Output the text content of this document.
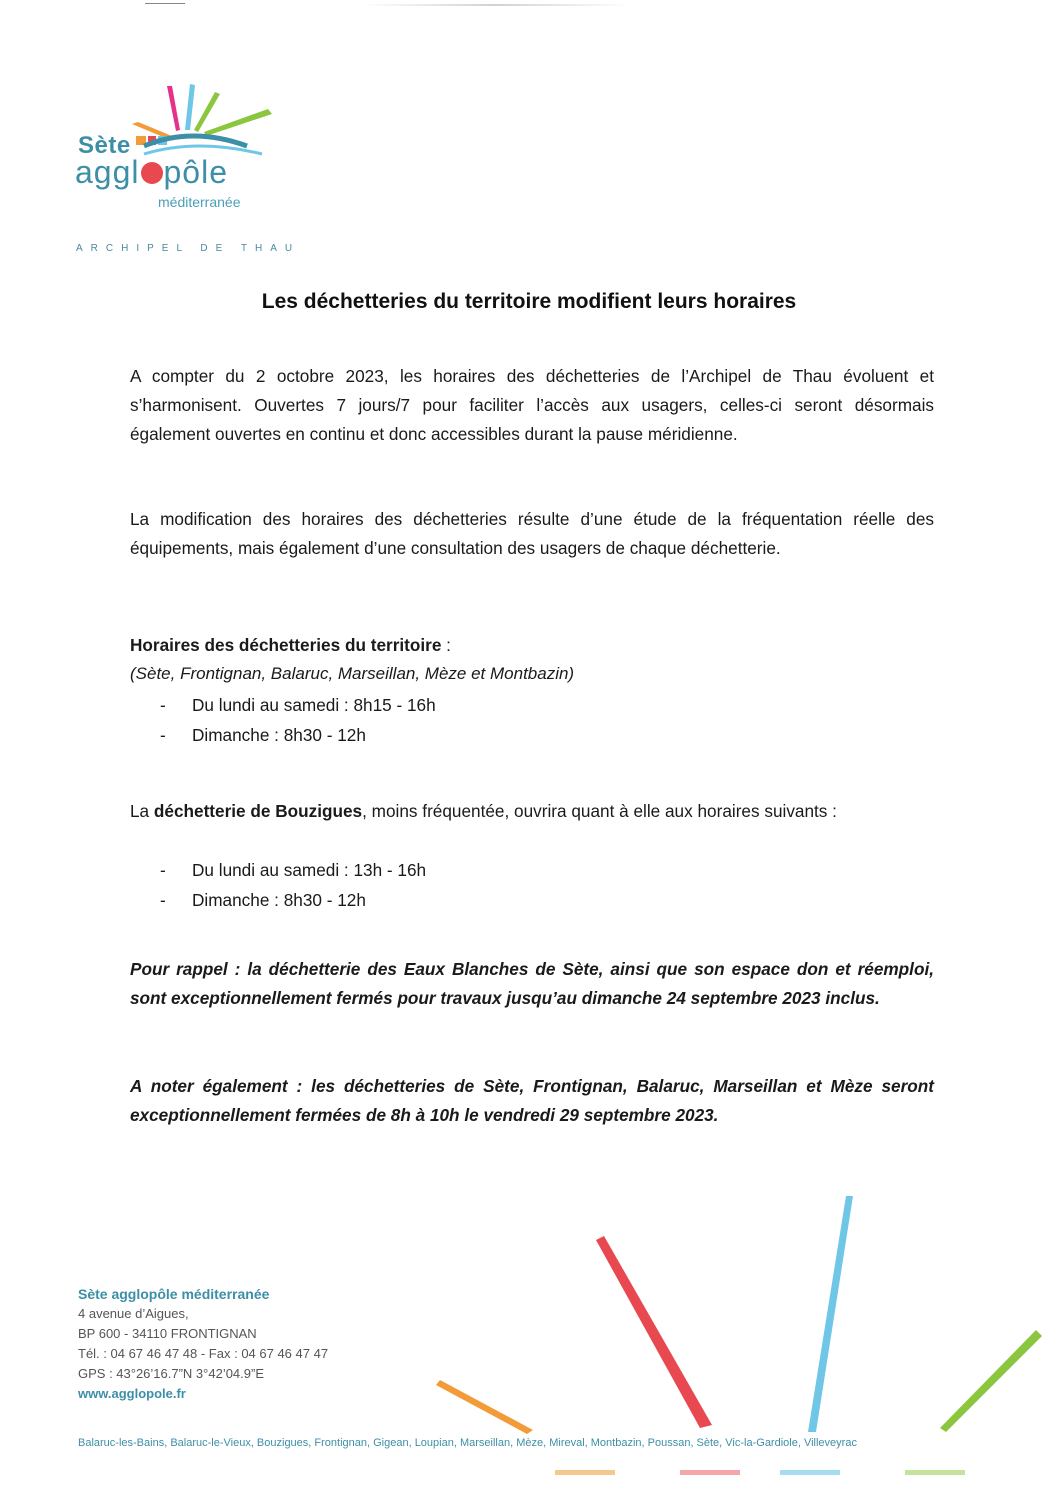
Sète
aggl pôle
méditerranée
ARCHIPEL DE THAU
Les déchetteries du territoire modifient leurs horaires
A compter du 2 octobre 2023, les horaires des déchetteries de l’Archipel de Thau évoluent et s’harmonisent. Ouvertes 7 jours/7 pour faciliter l’accès aux usagers, celles-ci seront désormais également ouvertes en continu et donc accessibles durant la pause méridienne.
La modification des horaires des déchetteries résulte d’une étude de la fréquentation réelle des équipements, mais également d’une consultation des usagers de chaque déchetterie.
Horaires des déchetteries du territoire :
(Sète, Frontignan, Balaruc, Marseillan, Mèze et Montbazin)
- Du lundi au samedi : 8h15 - 16h
- Dimanche : 8h30 - 12h
La déchetterie de Bouzigues, moins fréquentée, ouvrira quant à elle aux horaires suivants :
- Du lundi au samedi : 13h - 16h
- Dimanche : 8h30 - 12h
Pour rappel : la déchetterie des Eaux Blanches de Sète, ainsi que son espace don et réemploi, sont exceptionnellement fermés pour travaux jusqu’au dimanche 24 septembre 2023 inclus.
A noter également : les déchetteries de Sète, Frontignan, Balaruc, Marseillan et Mèze seront exceptionnellement fermées de 8h à 10h le vendredi 29 septembre 2023.
Sète agglopôle méditerranée
4 avenue d’Aigues,
BP 600 - 34110 FRONTIGNAN
Tél. : 04 67 46 47 48 - Fax : 04 67 46 47 47
GPS : 43°26’16.7”N 3°42’04.9”E
www.agglopole.fr
Balaruc-les-Bains, Balaruc-le-Vieux, Bouzigues, Frontignan, Gigean, Loupian, Marseillan, Mèze, Mireval, Montbazin, Poussan, Sète, Vic-la-Gardiole, Villeveyrac
